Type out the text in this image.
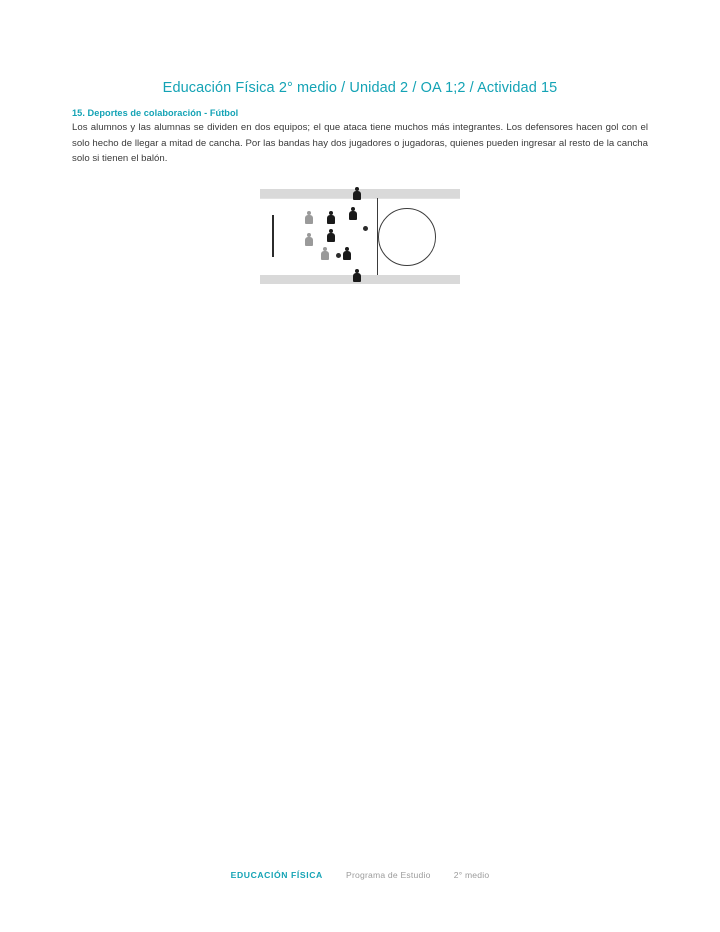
Educación Física 2° medio / Unidad 2 / OA 1;2 / Actividad 15
15. Deportes de colaboración - Fútbol

Los alumnos y las alumnas se dividen en dos equipos; el que ataca tiene muchos más integrantes. Los defensores hacen gol con el solo hecho de llegar a mitad de cancha. Por las bandas hay dos jugadores o jugadoras, quienes pueden ingresar al resto de la cancha solo si tienen el balón.

EDUCACIÓN FÍSICA	Programa de Estudio	2° medio
